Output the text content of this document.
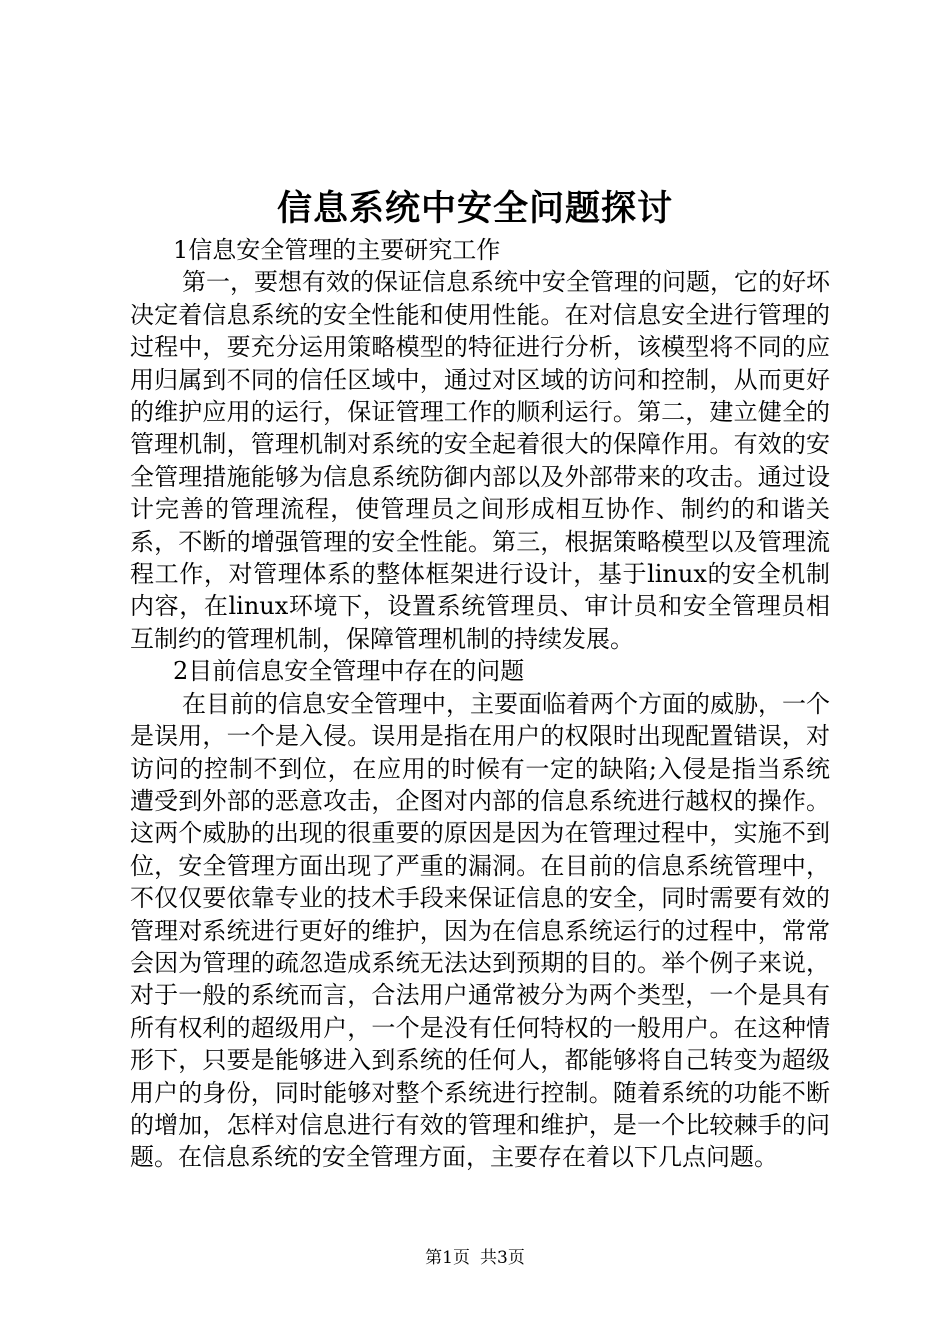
信息系统中安全问题探讨

1信息安全管理的主要研究工作

第一，要想有效的保证信息系统中安全管理的问题，它的好坏决定着信息系统的安全性能和使用性能。在对信息安全进行管理的过程中，要充分运用策略模型的特征进行分析，该模型将不同的应用归属到不同的信任区域中，通过对区域的访问和控制，从而更好的维护应用的运行，保证管理工作的顺利运行。第二，建立健全的管理机制，管理机制对系统的安全起着很大的保障作用。有效的安全管理措施能够为信息系统防御内部以及外部带来的攻击。通过设计完善的管理流程，使管理员之间形成相互协作、制约的和谐关系，不断的增强管理的安全性能。第三，根据策略模型以及管理流程工作，对管理体系的整体框架进行设计，基于linux的安全机制内容，在linux环境下，设置系统管理员、审计员和安全管理员相互制约的管理机制，保障管理机制的持续发展。

2目前信息安全管理中存在的问题

在目前的信息安全管理中，主要面临着两个方面的威胁，一个是误用，一个是入侵。误用是指在用户的权限时出现配置错误，对访问的控制不到位，在应用的时候有一定的缺陷;入侵是指当系统遭受到外部的恶意攻击，企图对内部的信息系统进行越权的操作。这两个威胁的出现的很重要的原因是因为在管理过程中，实施不到位，安全管理方面出现了严重的漏洞。在目前的信息系统管理中，不仅仅要依靠专业的技术手段来保证信息的安全，同时需要有效的管理对系统进行更好的维护，因为在信息系统运行的过程中，常常会因为管理的疏忽造成系统无法达到预期的目的。举个例子来说，对于一般的系统而言，合法用户通常被分为两个类型，一个是具有所有权利的超级用户，一个是没有任何特权的一般用户。在这种情形下，只要是能够进入到系统的任何人，都能够将自己转变为超级用户的身份，同时能够对整个系统进行控制。随着系统的功能不断的增加，怎样对信息进行有效的管理和维护，是一个比较棘手的问题。在信息系统的安全管理方面，主要存在着以下几点问题。

第1页 共3页
